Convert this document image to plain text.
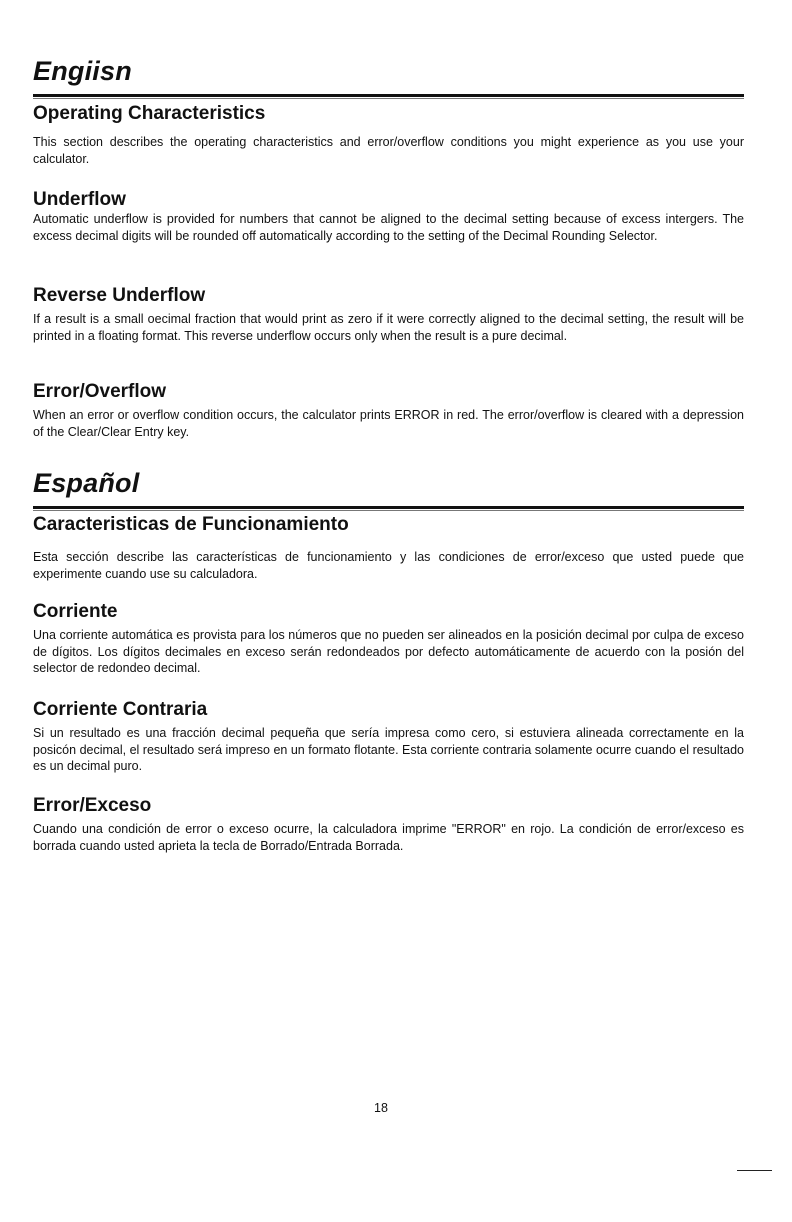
Engiisn
Operating Characteristics

This section describes the operating characteristics and error/overflow conditions you might experience as you use your calculator.

Underflow

Automatic underflow is provided for numbers that cannot be aligned to the decimal setting because of excess intergers. The excess decimal digits will be rounded off automatically according to the setting of the Decimal Rounding Selector.

Reverse Underflow

If a result is a small oecimal fraction that would print as zero if it were correctly aligned to the decimal setting, the result will be printed in a floating format. This reverse underflow occurs only when the result is a pure decimal.

Error/Overflow

When an error or overflow condition occurs, the calculator prints ERROR in red. The error/overflow is cleared with a depression of the Clear/Clear Entry key.

Español
Caracteristicas de Funcionamiento

Esta sección describe las características de funcionamiento y las condiciones de error/exceso que usted puede que experimente cuando use su calculadora.

Corriente

Una corriente automática es provista para los números que no pueden ser alineados en la posición decimal por culpa de exceso de dígitos. Los dígitos decimales en exceso serán redondeados por defecto automáticamente de acuerdo con la posión del selector de redondeo decimal.

Corriente Contraria

Si un resultado es una fracción decimal pequeña que sería impresa como cero, si estuviera alineada correctamente en la posicón decimal, el resultado será impreso en un formato flotante. Esta corriente contraria solamente ocurre cuando el resultado es un decimal puro.

Error/Exceso

Cuando una condición de error o exceso ocurre, la calculadora imprime "ERROR" en rojo. La condición de error/exceso es borrada cuando usted aprieta la tecla de Borrado/Entrada Borrada.

18
